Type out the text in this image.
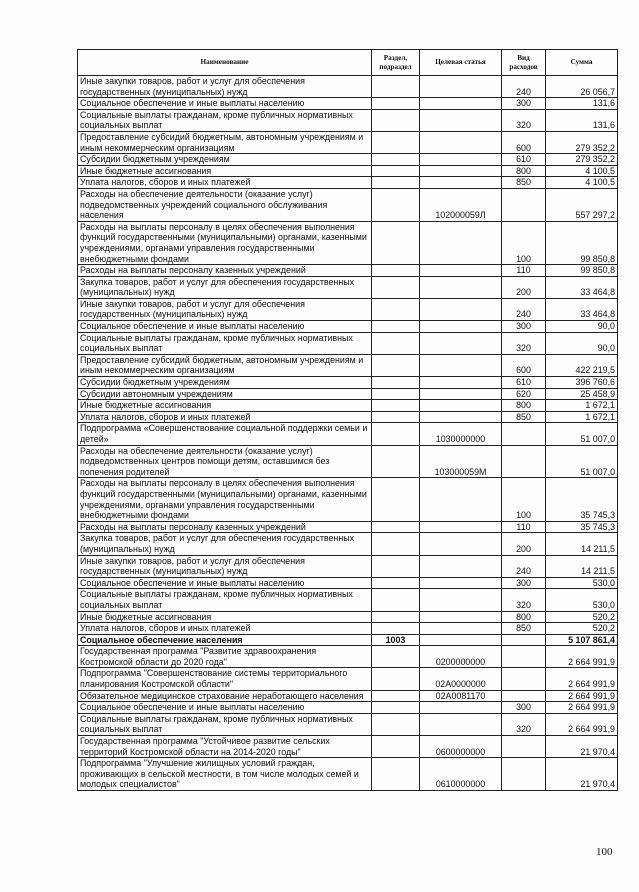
Наименование	Раздел, подраздел	Целевая статья	Вид расходов	Сумма
Иные закупки товаров, работ и услуг для обеспечения государственных (муниципальных) нужд			240	26 056,7
Социальное обеспечение и иные выплаты населению			300	131,6
Социальные выплаты гражданам, кроме публичных нормативных социальных выплат			320	131,6
Предоставление субсидий бюджетным, автономным учреждениям и иным некоммерческим организациям			600	279 352,2
Субсидии бюджетным учреждениям			610	279 352,2
Иные бюджетные ассигнования			800	4 100,5
Уплата налогов, сборов и иных платежей			850	4 100,5
Расходы на обеспечение деятельности (оказание услуг) подведомственных учреждений социального обслуживания населения		102000059Л		557 297,2
Расходы на выплаты персоналу в целях обеспечения выполнения функций государственными (муниципальными) органами, казенными учреждениями, органами управления государственными внебюджетными фондами			100	99 850,8
Расходы на выплаты персоналу казенных учреждений			110	99 850,8
Закупка товаров, работ и услуг для обеспечения государственных (муниципальных) нужд			200	33 464,8
Иные закупки товаров, работ и услуг для обеспечения государственных (муниципальных) нужд			240	33 464,8
Социальное обеспечение и иные выплаты населению			300	90,0
Социальные выплаты гражданам, кроме публичных нормативных социальных выплат			320	90,0
Предоставление субсидий бюджетным, автономным учреждениям и иным некоммерческим организациям			600	422 219,5
Субсидии бюджетным учреждениям			610	396 760,6
Субсидии автономным учреждениям			620	25 458,9
Иные бюджетные ассигнования			800	1 672,1
Уплата налогов, сборов и иных платежей			850	1 672,1
Подпрограмма «Совершенствование социальной поддержки семьи и детей»		1030000000		51 007,0
Расходы на обеспечение деятельности (оказание услуг) подведомственных центров помощи детям, оставшимся без попечения родителей		103000059М		51 007,0
Расходы на выплаты персоналу в целях обеспечения выполнения функций государственными (муниципальными) органами, казенными учреждениями, органами управления государственными внебюджетными фондами			100	35 745,3
Расходы на выплаты персоналу казенных учреждений			110	35 745,3
Закупка товаров, работ и услуг для обеспечения государственных (муниципальных) нужд			200	14 211,5
Иные закупки товаров, работ и услуг для обеспечения государственных (муниципальных) нужд			240	14 211,5
Социальное обеспечение и иные выплаты населению			300	530,0
Социальные выплаты гражданам, кроме публичных нормативных социальных выплат			320	530,0
Иные бюджетные ассигнования			800	520,2
Уплата налогов, сборов и иных платежей			850	520,2
Социальное обеспечение населения	1003			5 107 861,4
Государственная программа "Развитие здравоохранения Костромской области до 2020 года"		0200000000		2 664 991,9
Подпрограмма "Совершенствование системы территориального планирования Костромской области"		02А0000000		2 664 991,9
Обязательное медицинское страхование неработающего населения		02А0081170		2 664 991,9
Социальное обеспечение и иные выплаты населению			300	2 664 991,9
Социальные выплаты гражданам, кроме публичных нормативных социальных выплат			320	2 664 991,9
Государственная программа "Устойчивое развитие сельских территорий Костромской области на 2014-2020 годы"		0600000000		21 970,4
Подпрограмма "Улучшение жилищных условий граждан, проживающих в сельской местности, в том числе молодых семей и молодых специалистов"		0610000000		21 970,4
100
